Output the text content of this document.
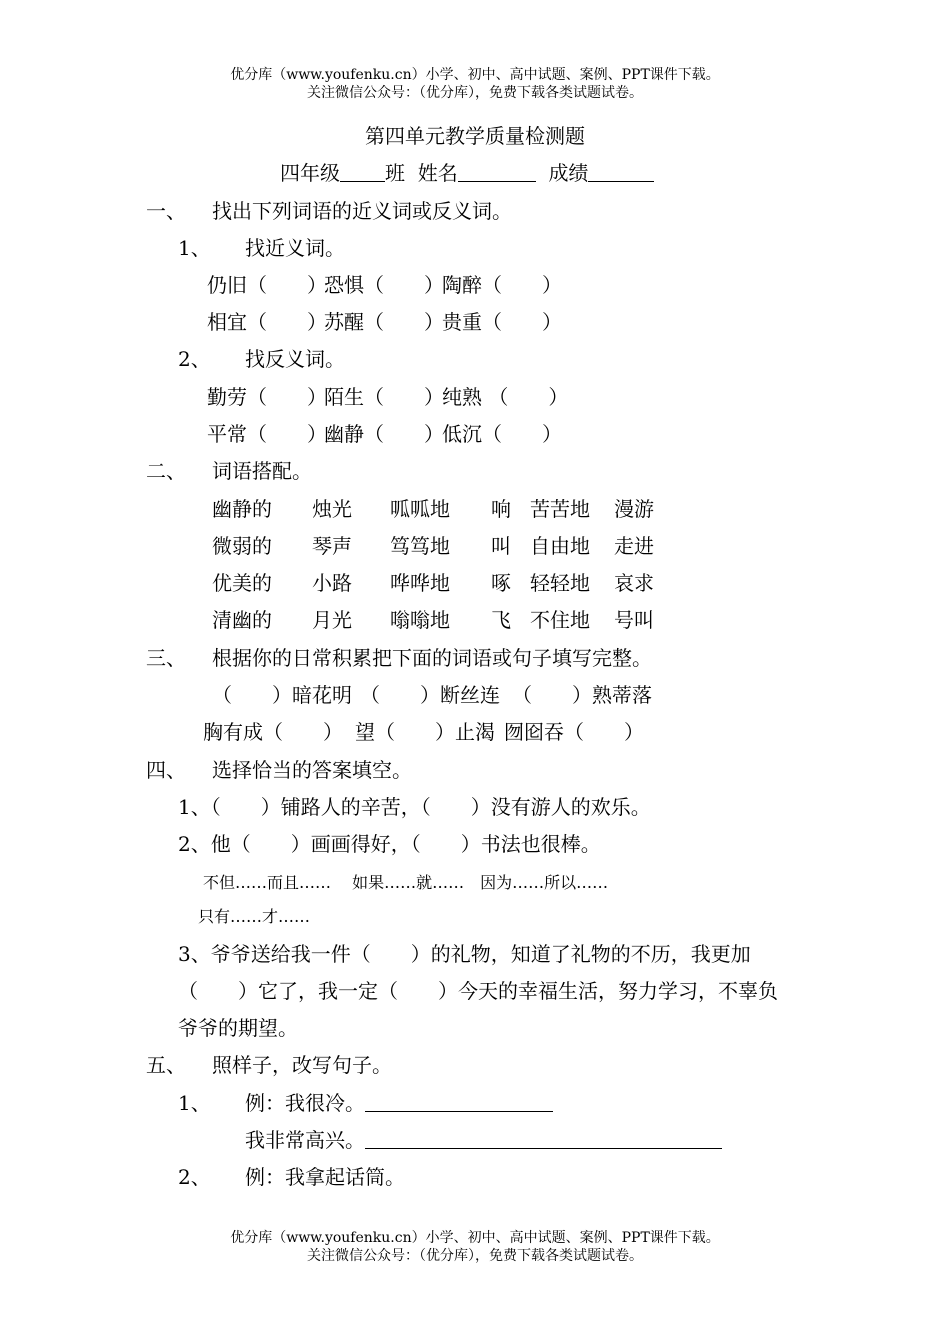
优分库（www.youfenku.cn）小学、初中、高中试题、案例、PPT课件下载。
关注微信公众号：（优分库），免费下载各类试题试卷。
第四单元教学质量检测题
四年级 班 姓名	成绩
一、 找出下列词语的近义词或反义词。
1、 找近义词。
仍旧（　　）
恐惧（　　）
陶醉（　　）
相宜（　　）
苏醒（　　）
贵重（　　）
2、 找反义词。
勤劳（　　）
陌生（　　）
纯熟 （　　）
平常（　　）
幽静（　　）
低沉（　　）
二、 词语搭配。
幽静的
微弱的
优美的
清幽的
烛光
琴声
小路
月光
呱呱地
笃笃地
哗哗地
嗡嗡地
响
叫
啄
飞
苦苦地
自由地
轻轻地
不住地
漫游
走进
哀求
号叫
三、 根据你的日常积累把下面的词语或句子填写完整。
（　　）暗花明 （　　）断丝连 （　　）熟蒂落
胸有成（　　） 望（　　）止渴 囫囵吞（　　）
四、 选择恰当的答案填空。
1、（　　）铺路人的辛苦，（　　）没有游人的欢乐。
2、他（　　）画画得好，（　　）书法也很棒。
不但……而且……　 如果……就……　因为……所以……
只有……才……
3、爷爷送给我一件（　　）的礼物，知道了礼物的不历，我更加
（　　）它了，我一定（　　）今天的幸福生活，努力学习，不辜负
爷爷的期望。
五、 照样子，改写句子。
1、 例：我很冷。
我非常高兴。
2、 例：我拿起话筒。
优分库（www.youfenku.cn）小学、初中、高中试题、案例、PPT课件下载。
关注微信公众号：（优分库），免费下载各类试题试卷。
